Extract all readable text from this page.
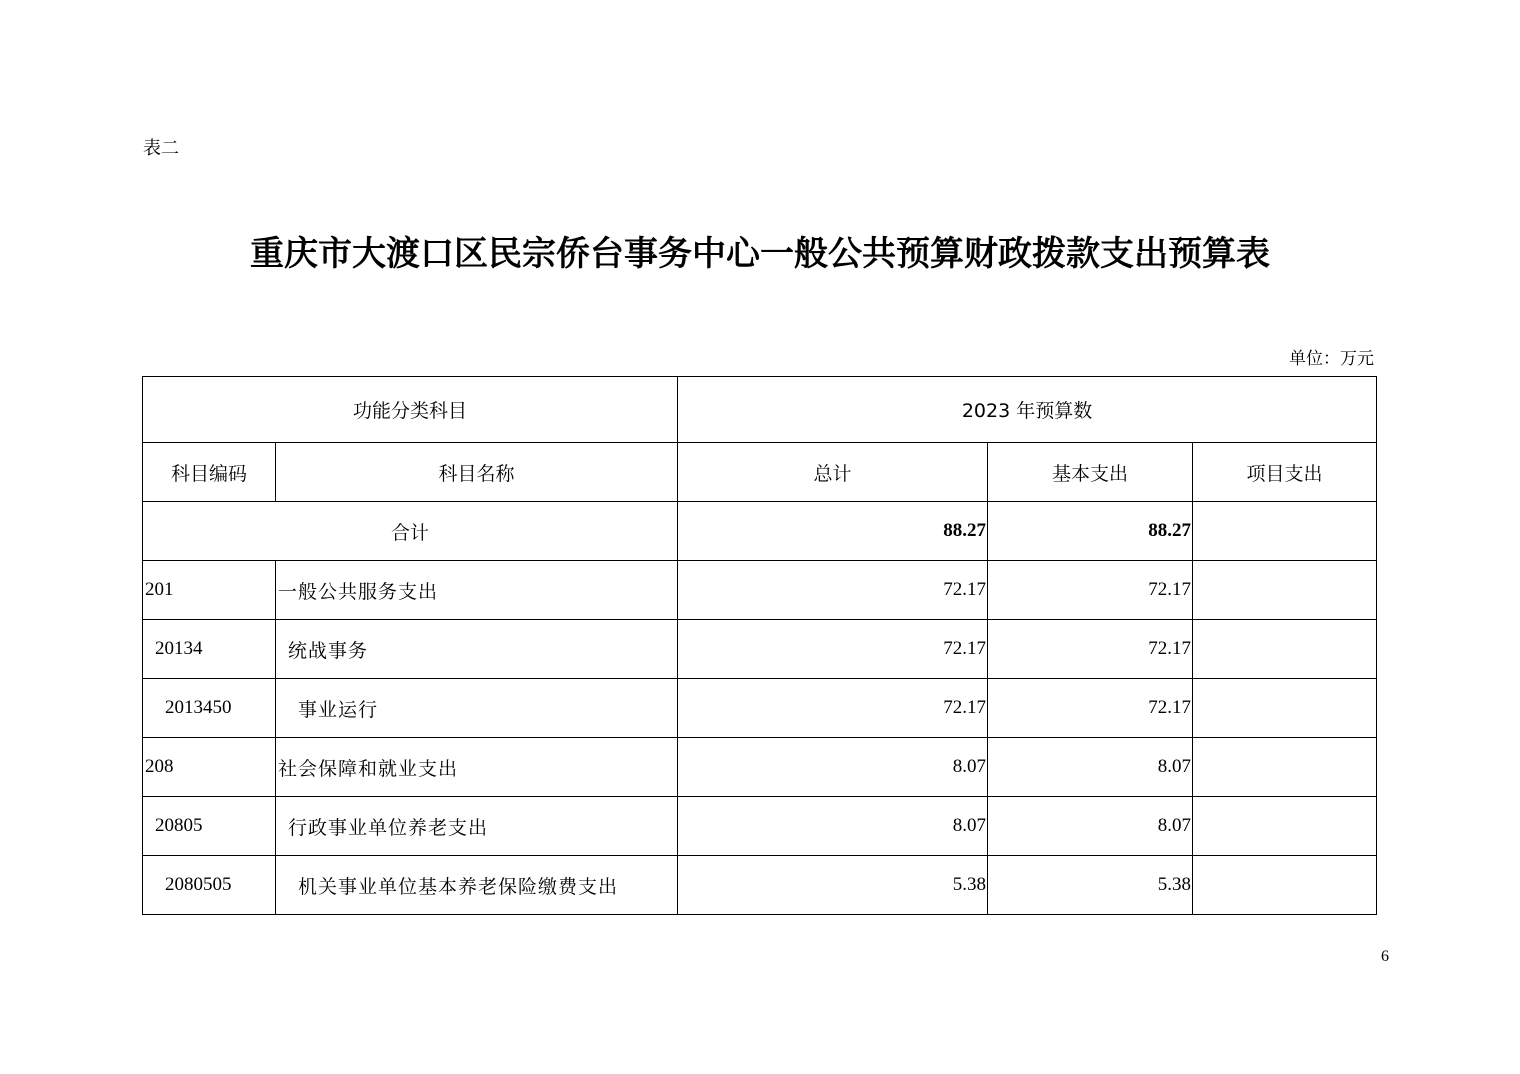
表二
重庆市大渡口区民宗侨台事务中心一般公共预算财政拨款支出预算表
单位：万元
功能分类科目		2023 年预算数		
科目编码	科目名称	总计	基本支出	项目支出
合计		88.27	88.27	
201	一般公共服务支出	72.17	72.17	
20134	统战事务	72.17	72.17	
2013450	事业运行	72.17	72.17	
208	社会保障和就业支出	8.07	8.07	
20805	行政事业单位养老支出	8.07	8.07	
2080505	机关事业单位基本养老保险缴费支出	5.38	5.38	
6
